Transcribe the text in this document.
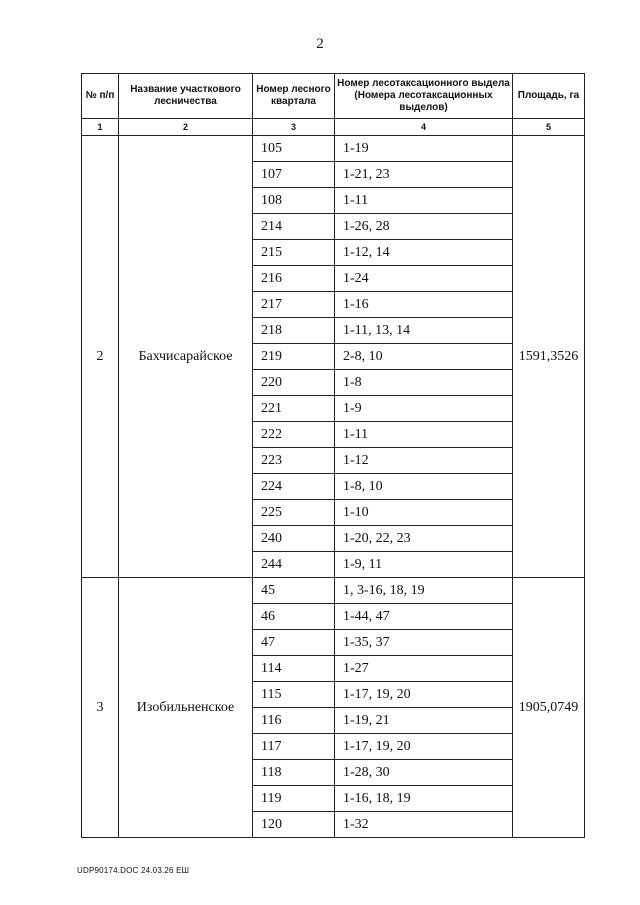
2
№ п/п	Название участкового лесничества	Номер лесного квартала	Номер лесотаксационного выдела (Номера лесотаксационных выделов)	Площадь, га
1	2	3	4	5
2	Бахчисарайское	105	1-19	1591,3526
		107	1-21, 23	
		108	1-11	
		214	1-26, 28	
		215	1-12, 14	
		216	1-24	
		217	1-16	
		218	1-11, 13, 14	
		219	2-8, 10	
		220	1-8	
		221	1-9	
		222	1-11	
		223	1-12	
		224	1-8, 10	
		225	1-10	
		240	1-20, 22, 23	
		244	1-9, 11	
3	Изобильненское	45	1, 3-16, 18, 19	1905,0749
		46	1-44, 47	
		47	1-35, 37	
		114	1-27	
		115	1-17, 19, 20	
		116	1-19, 21	
		117	1-17, 19, 20	
		118	1-28, 30	
		119	1-16, 18, 19	
		120	1-32	
UDP90174.DOC 24.03.26 ЕШ
